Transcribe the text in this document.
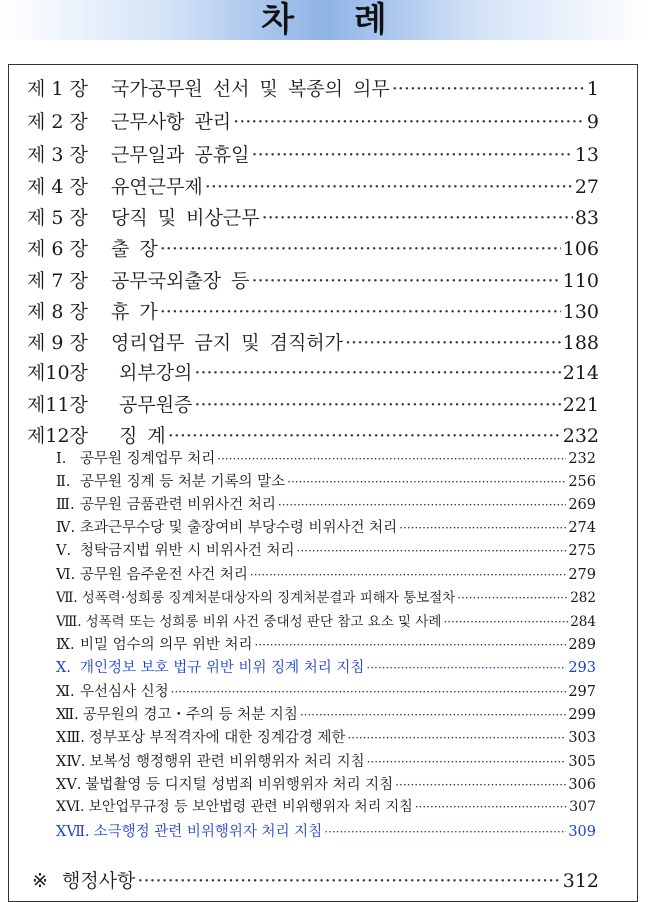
차 례
제 1 장 국가공무원 선서 및 복종의 의무 ·····	1
제 2 장 근무사항 관리 ·····	9
제 3 장 근무일과 공휴일 ·····	13
제 4 장 유연근무제 ·····	27
제 5 장 당직 및 비상근무 ·····	83
제 6 장 출 장 ·····	106
제 7 장 공무국외출장 등 ·····	110
제 8 장 휴 가 ·····	130
제 9 장 영리업무 금지 및 겸직허가 ·····	188
제10장 외부강의 ·····	214
제11장 공무원증 ·····	221
제12장 징 계 ·····	232
Ⅰ. 공무원 징계업무 처리 ·····	232
Ⅱ. 공무원 징계 등 처분 기록의 말소 ·····	256
Ⅲ. 공무원 금품관련 비위사건 처리 ·····	269
Ⅳ. 초과근무수당 및 출장여비 부당수령 비위사건 처리 ·····	274
Ⅴ. 청탁금지법 위반 시 비위사건 처리 ·····	275
Ⅵ. 공무원 음주운전 사건 처리 ·····	279
Ⅶ. 성폭력·성희롱 징계처분대상자의 징계처분결과 피해자 통보절차 ·····	282
Ⅷ. 성폭력 또는 성희롱 비위 사건 중대성 판단 참고 요소 및 사례 ·····	284
Ⅸ. 비밀 엄수의 의무 위반 처리 ·····	289
Ⅹ. 개인정보 보호 법규 위반 비위 징계 처리 지침 ·····	293
Ⅺ. 우선심사 신청 ·····	297
Ⅻ. 공무원의 경고・주의 등 처분 지침 ·····	299
ⅩⅢ. 정부포상 부적격자에 대한 징계감경 제한 ·····	303
ⅩⅣ. 보복성 행정행위 관련 비위행위자 처리 지침 ·····	305
ⅩⅤ. 불법촬영 등 디지털 성범죄 비위행위자 처리 지침 ·····	306
ⅩⅥ. 보안업무규정 등 보안법령 관련 비위행위자 처리 지침 ·····	307
ⅩⅦ. 소극행정 관련 비위행위자 처리 지침 ·····	309
※ 행정사항 ·····	312
